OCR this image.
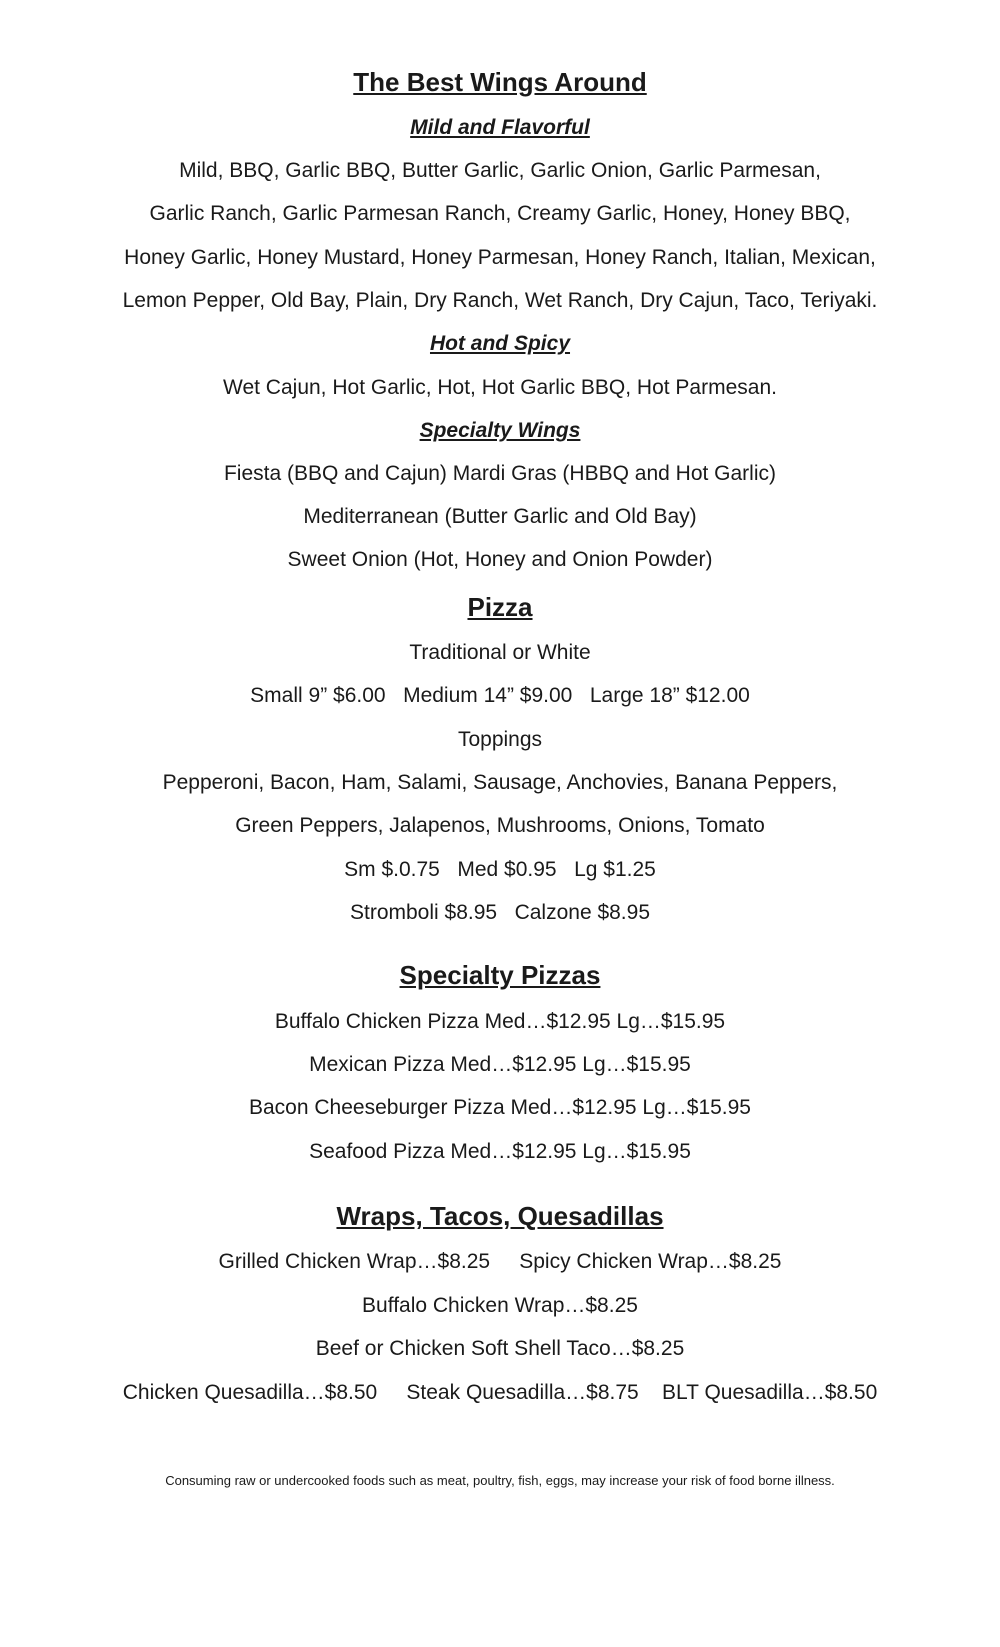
The Best Wings Around
Mild and Flavorful
Mild, BBQ, Garlic BBQ, Butter Garlic, Garlic Onion, Garlic Parmesan,
Garlic Ranch, Garlic Parmesan Ranch, Creamy Garlic, Honey, Honey BBQ,
Honey Garlic, Honey Mustard, Honey Parmesan, Honey Ranch, Italian, Mexican,
Lemon Pepper, Old Bay, Plain, Dry Ranch, Wet Ranch, Dry Cajun, Taco, Teriyaki.
Hot and Spicy
Wet Cajun, Hot Garlic, Hot, Hot Garlic BBQ, Hot Parmesan.
Specialty Wings
Fiesta (BBQ and Cajun) Mardi Gras (HBBQ and Hot Garlic)
Mediterranean (Butter Garlic and Old Bay)
Sweet Onion (Hot, Honey and Onion Powder)
Pizza
Traditional or White
Small 9” $6.00   Medium 14” $9.00   Large 18” $12.00
Toppings
Pepperoni, Bacon, Ham, Salami, Sausage, Anchovies, Banana Peppers,
Green Peppers, Jalapenos, Mushrooms, Onions, Tomato
Sm $.0.75   Med $0.95   Lg $1.25
Stromboli $8.95   Calzone $8.95
Specialty Pizzas
Buffalo Chicken Pizza Med…$12.95 Lg…$15.95
Mexican Pizza Med…$12.95 Lg…$15.95
Bacon Cheeseburger Pizza Med…$12.95 Lg…$15.95
Seafood Pizza Med…$12.95 Lg…$15.95
Wraps, Tacos, Quesadillas
Grilled Chicken Wrap…$8.25     Spicy Chicken Wrap…$8.25
Buffalo Chicken Wrap…$8.25
Beef or Chicken Soft Shell Taco…$8.25
Chicken Quesadilla…$8.50     Steak Quesadilla…$8.75    BLT Quesadilla…$8.50
Consuming raw or undercooked foods such as meat, poultry, fish, eggs, may increase your risk of food borne illness.
